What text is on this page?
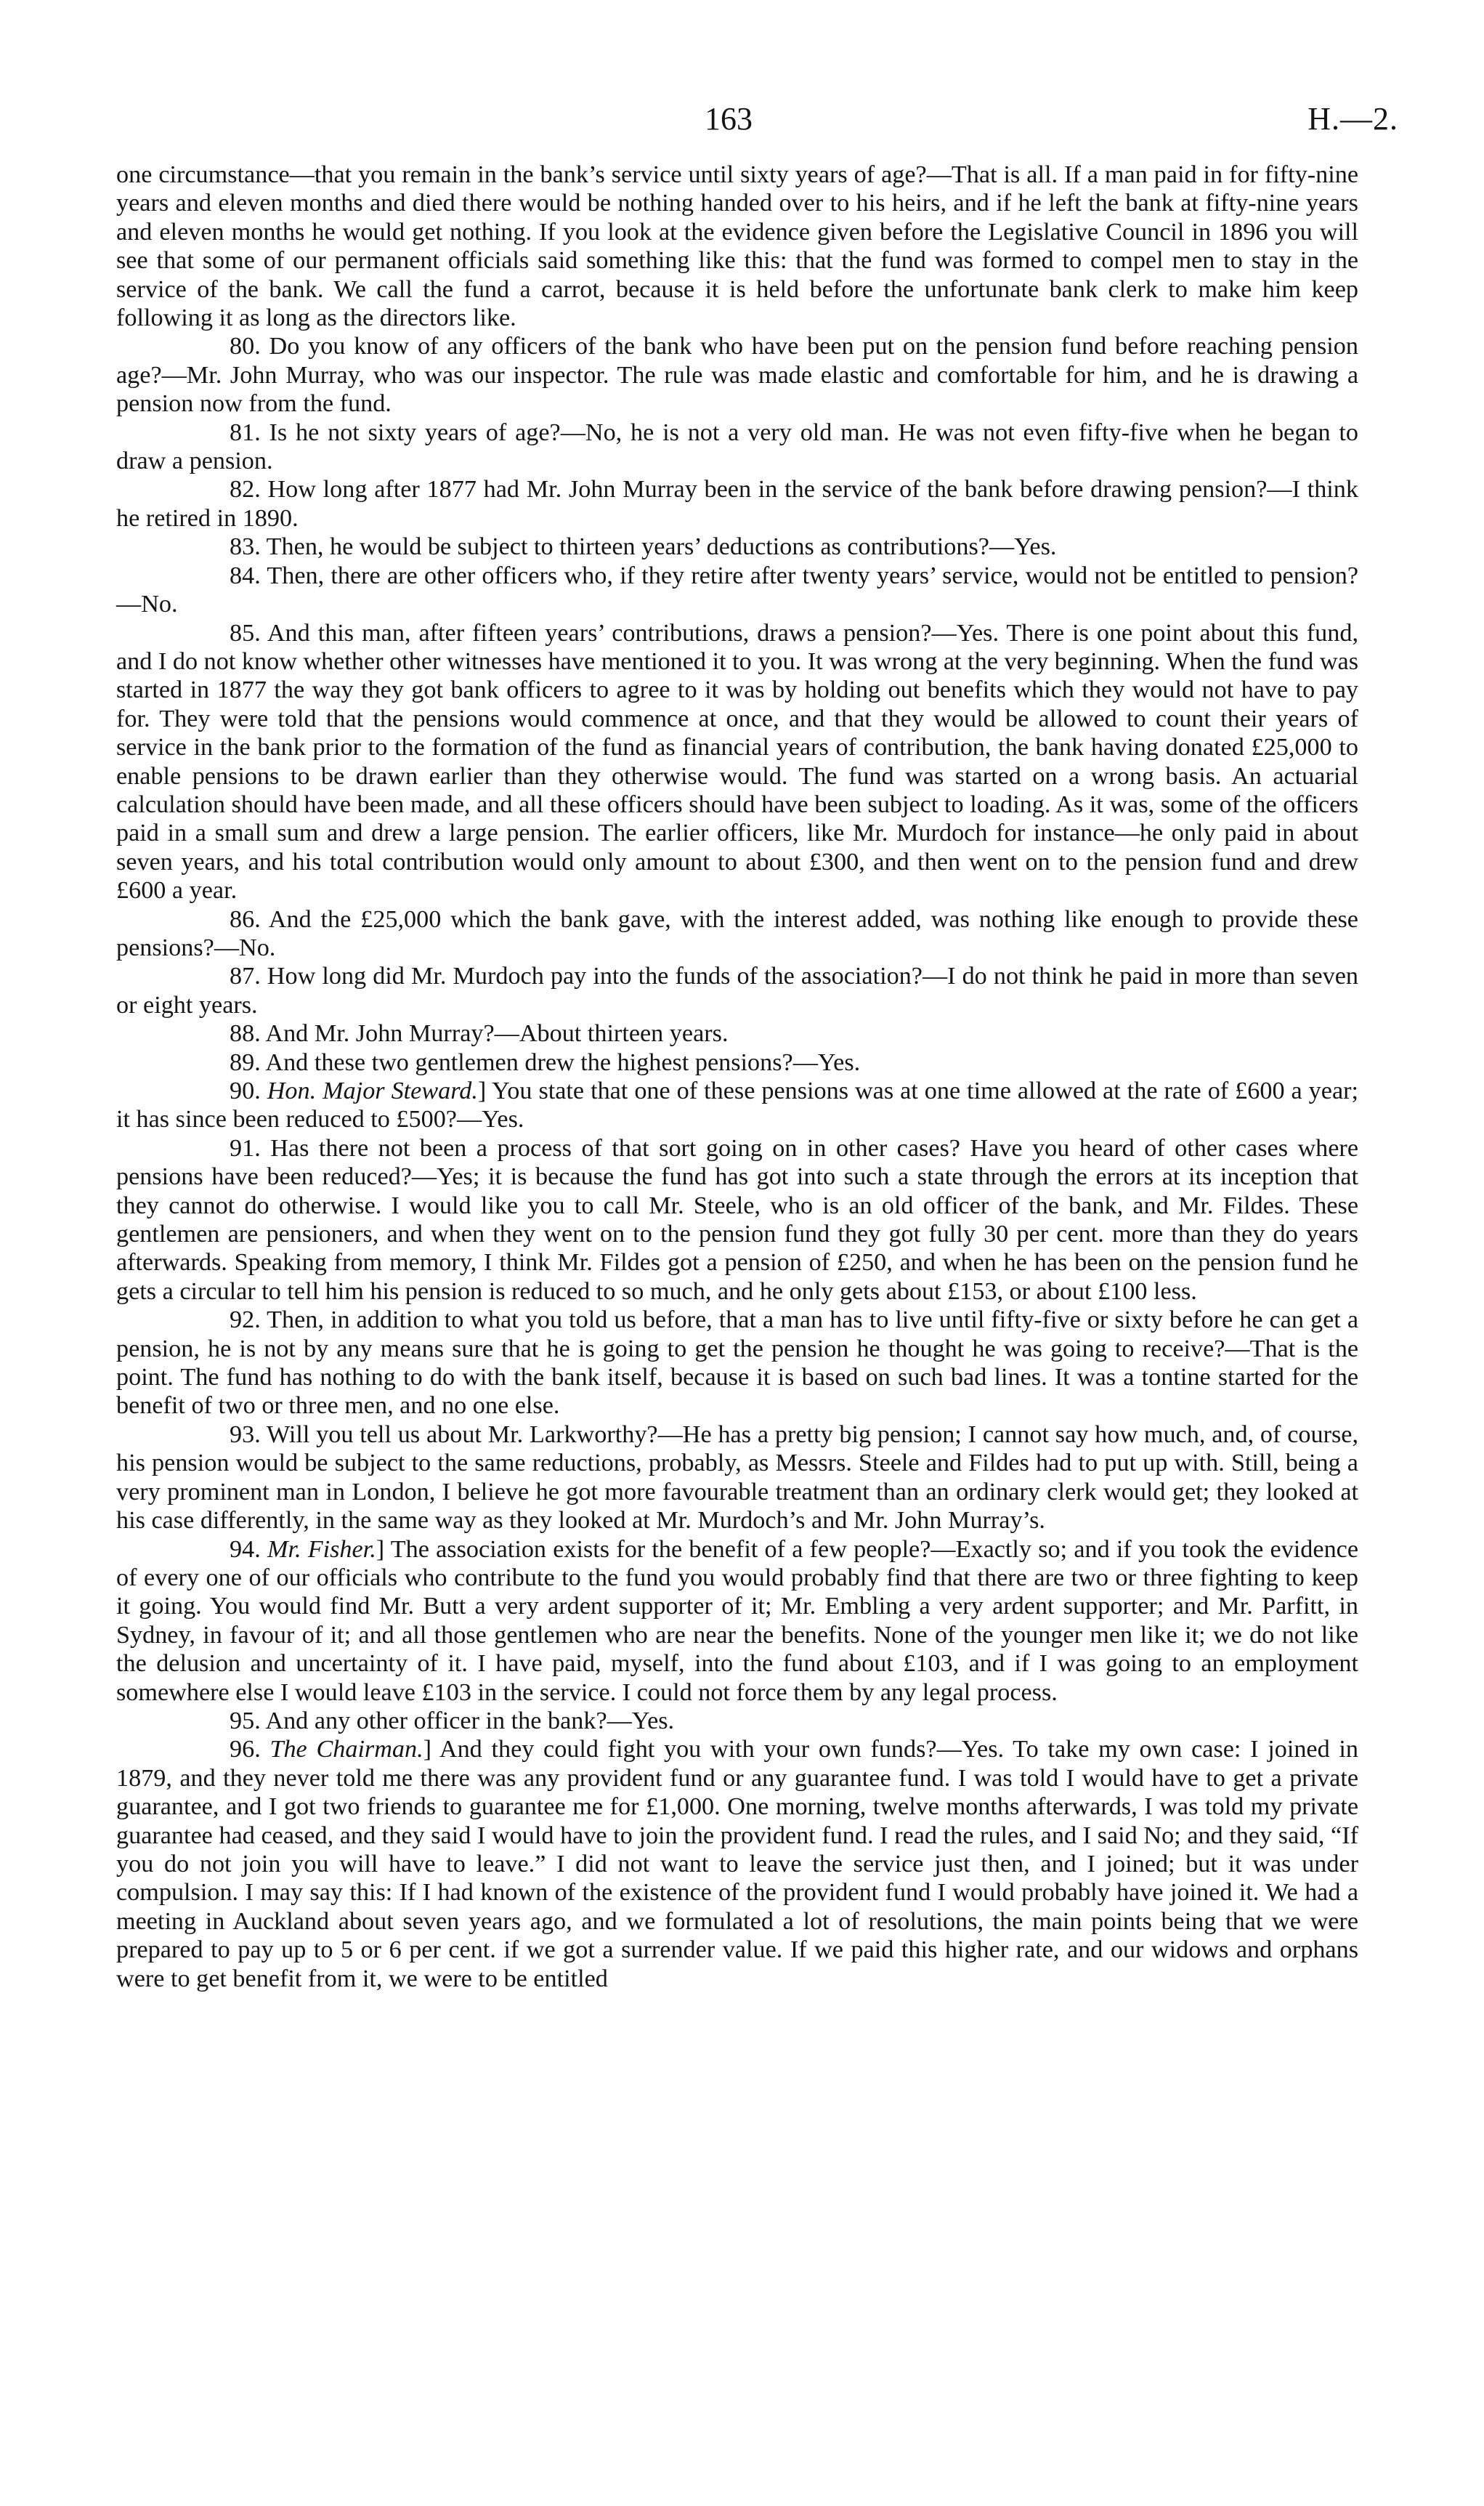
163	H.—2.

one circumstance—that you remain in the bank’s service until sixty years of age?—That is all. If a man paid in for fifty-nine years and eleven months and died there would be nothing handed over to his heirs, and if he left the bank at fifty-nine years and eleven months he would get nothing. If you look at the evidence given before the Legislative Council in 1896 you will see that some of our permanent officials said something like this: that the fund was formed to compel men to stay in the service of the bank. We call the fund a carrot, because it is held before the unfortunate bank clerk to make him keep following it as long as the directors like.

80. Do you know of any officers of the bank who have been put on the pension fund before reaching pension age?—Mr. John Murray, who was our inspector. The rule was made elastic and comfortable for him, and he is drawing a pension now from the fund.

81. Is he not sixty years of age?—No, he is not a very old man. He was not even fifty-five when he began to draw a pension.

82. How long after 1877 had Mr. John Murray been in the service of the bank before drawing pension?—I think he retired in 1890.

83. Then, he would be subject to thirteen years’ deductions as contributions?—Yes.

84. Then, there are other officers who, if they retire after twenty years’ service, would not be entitled to pension?—No.

85. And this man, after fifteen years’ contributions, draws a pension?—Yes. There is one point about this fund, and I do not know whether other witnesses have mentioned it to you. It was wrong at the very beginning. When the fund was started in 1877 the way they got bank officers to agree to it was by holding out benefits which they would not have to pay for. They were told that the pensions would commence at once, and that they would be allowed to count their years of service in the bank prior to the formation of the fund as financial years of contribution, the bank having donated £25,000 to enable pensions to be drawn earlier than they otherwise would. The fund was started on a wrong basis. An actuarial calculation should have been made, and all these officers should have been subject to loading. As it was, some of the officers paid in a small sum and drew a large pension. The earlier officers, like Mr. Murdoch for instance—he only paid in about seven years, and his total contribution would only amount to about £300, and then went on to the pension fund and drew £600 a year.

86. And the £25,000 which the bank gave, with the interest added, was nothing like enough to provide these pensions?—No.

87. How long did Mr. Murdoch pay into the funds of the association?—I do not think he paid in more than seven or eight years.

88. And Mr. John Murray?—About thirteen years.

89. And these two gentlemen drew the highest pensions?—Yes.

90. Hon. Major Steward.] You state that one of these pensions was at one time allowed at the rate of £600 a year; it has since been reduced to £500?—Yes.

91. Has there not been a process of that sort going on in other cases? Have you heard of other cases where pensions have been reduced?—Yes; it is because the fund has got into such a state through the errors at its inception that they cannot do otherwise. I would like you to call Mr. Steele, who is an old officer of the bank, and Mr. Fildes. These gentlemen are pensioners, and when they went on to the pension fund they got fully 30 per cent. more than they do years afterwards. Speaking from memory, I think Mr. Fildes got a pension of £250, and when he has been on the pension fund he gets a circular to tell him his pension is reduced to so much, and he only gets about £153, or about £100 less.

92. Then, in addition to what you told us before, that a man has to live until fifty-five or sixty before he can get a pension, he is not by any means sure that he is going to get the pension he thought he was going to receive?—That is the point. The fund has nothing to do with the bank itself, because it is based on such bad lines. It was a tontine started for the benefit of two or three men, and no one else.

93. Will you tell us about Mr. Larkworthy?—He has a pretty big pension; I cannot say how much, and, of course, his pension would be subject to the same reductions, probably, as Messrs. Steele and Fildes had to put up with. Still, being a very prominent man in London, I believe he got more favourable treatment than an ordinary clerk would get; they looked at his case differently, in the same way as they looked at Mr. Murdoch’s and Mr. John Murray’s.

94. Mr. Fisher.] The association exists for the benefit of a few people?—Exactly so; and if you took the evidence of every one of our officials who contribute to the fund you would probably find that there are two or three fighting to keep it going. You would find Mr. Butt a very ardent supporter of it; Mr. Embling a very ardent supporter; and Mr. Parfitt, in Sydney, in favour of it; and all those gentlemen who are near the benefits. None of the younger men like it; we do not like the delusion and uncertainty of it. I have paid, myself, into the fund about £103, and if I was going to an employment somewhere else I would leave £103 in the service. I could not force them by any legal process.

95. And any other officer in the bank?—Yes.

96. The Chairman.] And they could fight you with your own funds?—Yes. To take my own case: I joined in 1879, and they never told me there was any provident fund or any guarantee fund. I was told I would have to get a private guarantee, and I got two friends to guarantee me for £1,000. One morning, twelve months afterwards, I was told my private guarantee had ceased, and they said I would have to join the provident fund. I read the rules, and I said No; and they said, “If you do not join you will have to leave.” I did not want to leave the service just then, and I joined; but it was under compulsion. I may say this: If I had known of the existence of the provident fund I would probably have joined it. We had a meeting in Auckland about seven years ago, and we formulated a lot of resolutions, the main points being that we were prepared to pay up to 5 or 6 per cent. if we got a surrender value. If we paid this higher rate, and our widows and orphans were to get benefit from it, we were to be entitled
